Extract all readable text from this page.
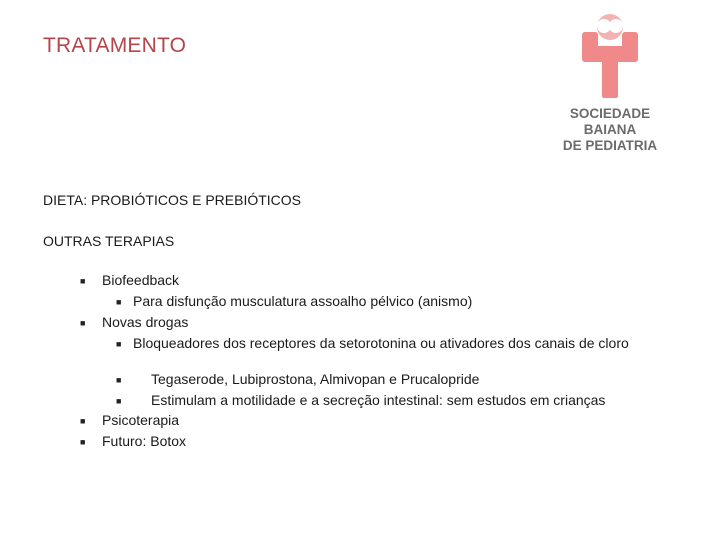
TRATAMENTO
SOCIEDADE
BAIANA
DE PEDIATRIA
DIETA: PROBIÓTICOS E PREBIÓTICOS
OUTRAS TERAPIAS
■ Biofeedback
■ Para disfunção musculatura assoalho pélvico (anismo)
■ Novas drogas
■ Bloqueadores dos receptores da setorotonina ou ativadores dos canais de cloro
■ Tegaserode, Lubiprostona, Almivopan e Prucalopride
■ Estimulam a motilidade e a secreção intestinal: sem estudos em crianças
■ Psicoterapia
■ Futuro: Botox
